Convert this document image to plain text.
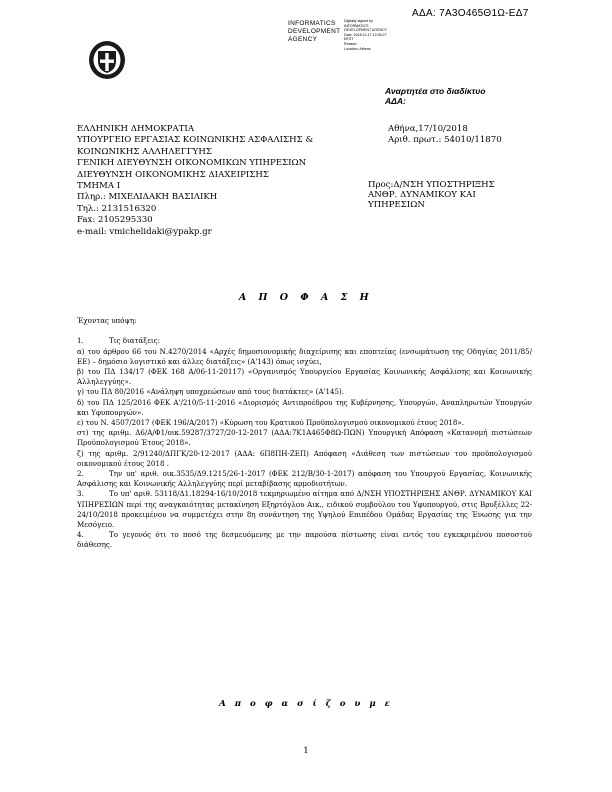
ΑΔΑ: 7Α3Ο465Θ1Ω-ΕΔ7
INFORMATICS
DEVELOPMENT
AGENCY
Digitally signed by
INFORMATICS
DEVELOPMENT AGENCY
Date: 2018.10.17 12:38:27
EEST
Reason:
Location: Athens
Αναρτητέα στο διαδίκτυο
ΑΔΑ:
ΕΛΛΗΝΙΚΗ ΔΗΜΟΚΡΑΤΙΑ
ΥΠΟΥΡΓΕΙΟ ΕΡΓΑΣΙΑΣ ΚΟΙΝΩΝΙΚΗΣ ΑΣΦΑΛΙΣΗΣ &
ΚΟΙΝΩΝΙΚΗΣ ΑΛΛΗΛΕΓΓΥΗΣ
ΓΕΝΙΚΗ ΔΙΕΥΘΥΝΣΗ ΟΙΚΟΝΟΜΙΚΩΝ ΥΠΗΡΕΣΙΩΝ
ΔΙΕΥΘΥΝΣΗ ΟΙΚΟΝΟΜΙΚΗΣ ΔΙΑΧΕΙΡΙΣΗΣ
ΤΜΗΜΑ Ι
Πληρ.: ΜΙΧΕΛΙΔΑΚΗ ΒΑΣΙΛΙΚΗ
Τηλ.: 2131516320
Fax: 2105295330
e-mail: vmichelidaki@ypakp.gr
Αθήνα,17/10/2018
Αριθ. πρωτ.: 54010/11870
Προς:Δ/ΝΣΗ ΥΠΟΣΤΗΡΙΞΗΣ
ΑΝΘΡ. ΔΥΝΑΜΙΚΟΥ ΚΑΙ
ΥΠΗΡΕΣΙΩΝ
Α Π Ο Φ Α Σ Η

Έχοντας υπόψη:

1.	Τις διατάξεις:

α) του άρθρου 66 του Ν.4270/2014 «Αρχές δημοσιονομικής διαχείρισης και εποπτείας (ενσωμάτωση της Οδηγίας 2011/85/ΕΕ) – δημόσιο λογιστικό και άλλες διατάξεις» (Α'143) όπως ισχύει,

β) του ΠΔ 134/17 (ΦΕΚ 168 Α/06-11-20117) «Οργανισμός Υπουργείου Εργασίας Κοινωνικής Ασφάλισης και Κοινωνικής Αλληλεγγύης».

γ) του ΠΔ 80/2016 «Ανάληψη υποχρεώσεων από τους διατάκτες» (Α'145).

δ) του ΠΔ 125/2016 ΦΕΚ Α'/210/5-11-2016 «Διορισμός Αντιπροέδρου της Κυβέρνησης, Υπουργών, Αναπληρωτών Υπουργών και Υφυπουργών».

ε) του Ν. 4507/2017 (ΦΕΚ 196/Α/2017) «Κύρωση του Κρατικού Προϋπολογισμού οικονομικού έτους 2018».

στ) της αριθμ. Δ6/Α/Φ1/οικ.59287/3727/20-12-2017 (ΑΔΑ:7Κ1Α465Φ8Ω-ΠΩΝ) Υπουργική Απόφαση «Κατανομή πιστώσεων Προϋπολογισμού Έτους 2018».

ζ) της αριθμ. 2/91240/ΔΠΓΚ/20-12-2017 (ΑΔΑ: 6Π8ΠΗ-ΖΕΠ) Απόφαση «Διάθεση των πιστώσεων του προϋπολογισμού οικονομικού έτους 2018 .

2.	Την υπ' αριθ. οικ.3535/Δ9.1215/26-1-2017 (ΦΕΚ 212/Β/30-1-2017) απόφαση του Υπουργού Εργασίας, Κοινωνικής Ασφάλισης και Κοινωνικής Αλληλεγγύης περί μεταβίβασης αρμοδιοτήτων.

3.	Το υπ' αριθ. 53118/Δ1.18294-16/10/2018 τεκμηριωμένο αίτημα από Δ/ΝΣΗ ΥΠΟΣΤΗΡΙΞΗΣ ΑΝΘΡ. ΔΥΝΑΜΙΚΟΥ ΚΑΙ ΥΠΗΡΕΣΙΩΝ περί της αναγκαιότητας μετακίνηση Εξηρτόγλου Αικ., ειδικού συμβούλου του Υφυπουργού, στις Βρυξέλλες 22-24/10/2018 προκειμένου να συμμετέχει στην 8η συνάντηση της Υψηλού Επιπέδου Ομάδας Εργασίας της Ένωσης για την Μεσόγειο.

4.	Το γεγονός ότι το ποσό της δεσμευόμενης με την παρούσα πίστωσης είναι εντός του εγκεκριμένου ποσοστού διάθεσης.

Α π ο φ α σ ί ζ ο υ μ ε
1
